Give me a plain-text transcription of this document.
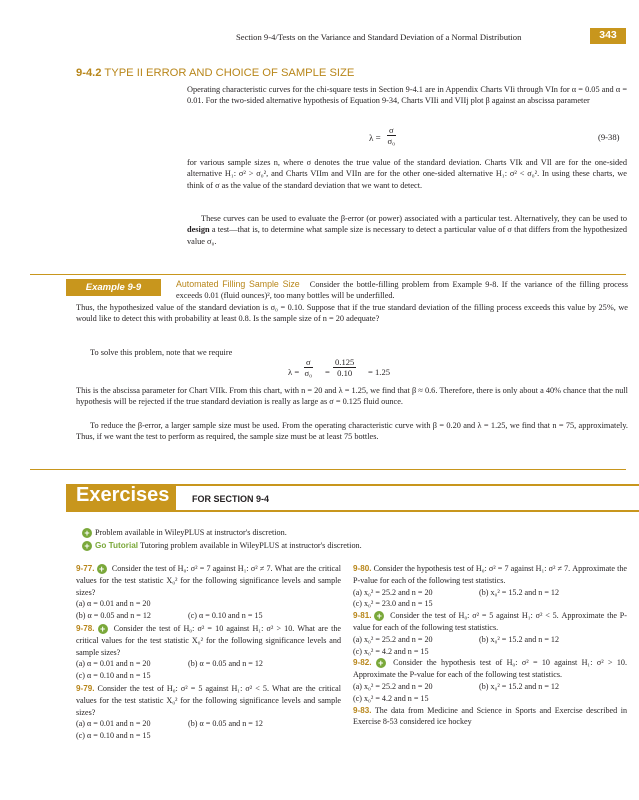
Section 9-4/Tests on the Variance and Standard Deviation of a Normal Distribution	343
9-4.2 TYPE II ERROR AND CHOICE OF SAMPLE SIZE

Operating characteristic curves for the chi-square tests in Section 9-4.1 are in Appendix Charts VIi through VIn for α = 0.05 and α = 0.01. For the two-sided alternative hypothesis of Equation 9-34, Charts VIIi and VIIj plot β against an abscissa parameter

$\lambda = \frac{\sigma}{\text{σ₀}}$	(9-38)

for various sample sizes n, where σ denotes the true value of the standard deviation. Charts VIk and VIl are for the one-sided alternative H₁: σ² > σ₀², and Charts VIIm and VIIn are for the other one-sided alternative H₁: σ² < σ₀². In using these charts, we think of σ as the value of the standard deviation that we want to detect.

These curves can be used to evaluate the β-error (or power) associated with a particular test. Alternatively, they can be used to design a test—that is, to determine what sample size is necessary to detect a particular value of σ that differs from the hypothesized value σ₀.

Example 9-9	Automated Filling Sample Size Consider the bottle-filling problem from Example 9-8. If the variance of the filling process exceeds 0.01 (fluid ounces)², too many bottles will be underfilled.

Thus, the hypothesized value of the standard deviation is σ₀ = 0.10. Suppose that if the true standard deviation of the filling process exceeds this value by 25%, we would like to detect this with probability at least 0.8. Is the sample size of n = 20 adequate?

To solve this problem, note that we require

$\lambda = \frac{\sigma}{\text{σ₀}} = \frac{0.125}{0.10} = 1.25$

This is the abscissa parameter for Chart VIIk. From this chart, with n = 20 and λ = 1.25, we find that β ≈ 0.6. Therefore, there is only about a 40% chance that the null hypothesis will be rejected if the true standard deviation is really as large as σ = 0.125 fluid ounce.

To reduce the β-error, a larger sample size must be used. From the operating characteristic curve with β = 0.20 and λ = 1.25, we find that n = 75, approximately. Thus, if we want the test to perform as required, the sample size must be at least 75 bottles.

Exercises	FOR SECTION 9-4
+ Problem available in WileyPLUS at instructor's discretion.
+ Go Tutorial Tutoring problem available in WileyPLUS at instructor's discretion.

9-77. + Consider the test of H₀: σ² = 7 against H₁: σ² ≠ 7. What are the critical values for the test statistic X₀² for the following significance levels and sample sizes?

(a) α = 0.01 and n = 20
(b) α = 0.05 and n = 12	(c) α = 0.10 and n = 15

9-78. + Consider the test of H₀: σ² = 10 against H₁: σ² > 10. What are the critical values for the test statistic X₀² for the following significance levels and sample sizes?

(a) α = 0.01 and n = 20	(b) α = 0.05 and n = 12
(c) α = 0.10 and n = 15

9-79. Consider the test of H₀: σ² = 5 against H₁: σ² < 5. What are the critical values for the test statistic X₀² for the following significance levels and sample sizes?

(a) α = 0.01 and n = 20	(b) α = 0.05 and n = 12
(c) α = 0.10 and n = 15

9-80. Consider the hypothesis test of H₀: σ² = 7 against H₁: σ² ≠ 7. Approximate the P-value for each of the following test statistics.

(a) x₀² = 25.2 and n = 20	(b) x₀² = 15.2 and n = 12
(c) x₀² = 23.0 and n = 15

9-81. + Consider the test of H₀: σ² = 5 against H₁: σ² < 5. Approximate the P-value for each of the following test statistics.

(a) x₀² = 25.2 and n = 20	(b) x₀² = 15.2 and n = 12
(c) x₀² = 4.2 and n = 15

9-82. + Consider the hypothesis test of H₀: σ² = 10 against H₁: σ² > 10. Approximate the P-value for each of the following test statistics.

(a) x₀² = 25.2 and n = 20	(b) x₀² = 15.2 and n = 12
(c) x₀² = 4.2 and n = 15

9-83. The data from Medicine and Science in Sports and Exercise described in Exercise 8-53 considered ice hockey
